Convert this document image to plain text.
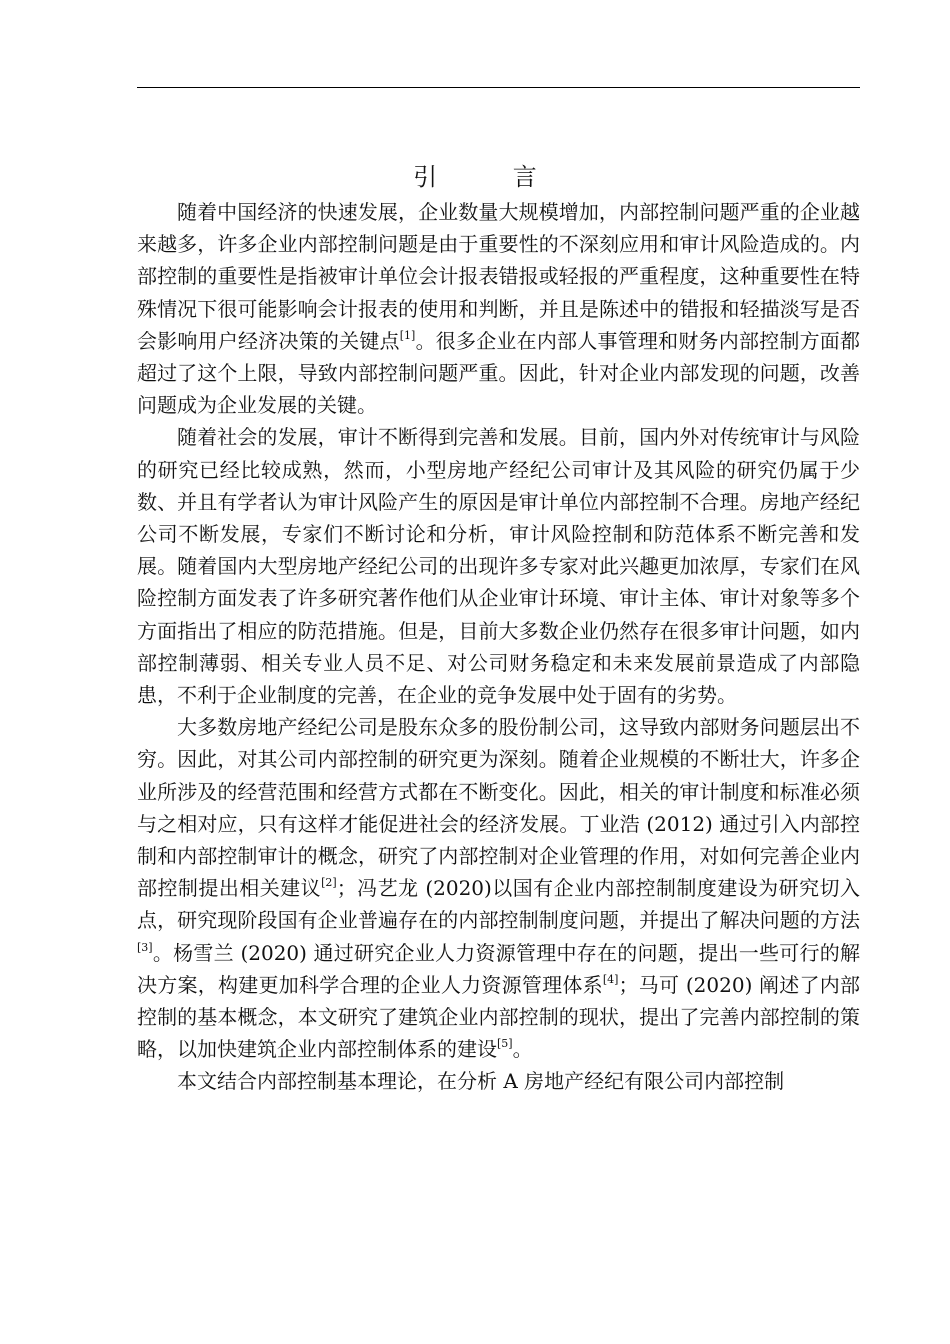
引 言

随着中国经济的快速发展，企业数量大规模增加，内部控制问题严重的企业越来越多，许多企业内部控制问题是由于重要性的不深刻应用和审计风险造成的。内部控制的重要性是指被审计单位会计报表错报或轻报的严重程度，这种重要性在特殊情况下很可能影响会计报表的使用和判断，并且是陈述中的错报和轻描淡写是否会影响用户经济决策的关键点[1]。很多企业在内部人事管理和财务内部控制方面都超过了这个上限，导致内部控制问题严重。因此，针对企业内部发现的问题，改善问题成为企业发展的关键。

随着社会的发展，审计不断得到完善和发展。目前，国内外对传统审计与风险的研究已经比较成熟，然而，小型房地产经纪公司审计及其风险的研究仍属于少数、并且有学者认为审计风险产生的原因是审计单位内部控制不合理。房地产经纪公司不断发展，专家们不断讨论和分析，审计风险控制和防范体系不断完善和发展。随着国内大型房地产经纪公司的出现许多专家对此兴趣更加浓厚，专家们在风险控制方面发表了许多研究著作他们从企业审计环境、审计主体、审计对象等多个方面指出了相应的防范措施。但是，目前大多数企业仍然存在很多审计问题，如内部控制薄弱、相关专业人员不足、对公司财务稳定和未来发展前景造成了内部隐患，不利于企业制度的完善，在企业的竞争发展中处于固有的劣势。

大多数房地产经纪公司是股东众多的股份制公司，这导致内部财务问题层出不穷。因此，对其公司内部控制的研究更为深刻。随着企业规模的不断壮大，许多企业所涉及的经营范围和经营方式都在不断变化。因此，相关的审计制度和标准必须与之相对应，只有这样才能促进社会的经济发展。丁业浩 (2012) 通过引入内部控制和内部控制审计的概念，研究了内部控制对企业管理的作用，对如何完善企业内部控制提出相关建议[2]；冯艺龙 (2020)以国有企业内部控制制度建设为研究切入点，研究现阶段国有企业普遍存在的内部控制制度问题，并提出了解决问题的方法[3]。杨雪兰 (2020) 通过研究企业人力资源管理中存在的问题，提出一些可行的解决方案，构建更加科学合理的企业人力资源管理体系[4]；马可 (2020) 阐述了内部控制的基本概念，本文研究了建筑企业内部控制的现状，提出了完善内部控制的策略，以加快建筑企业内部控制体系的建设[5]。

本文结合内部控制基本理论，在分析 A 房地产经纪有限公司内部控制
